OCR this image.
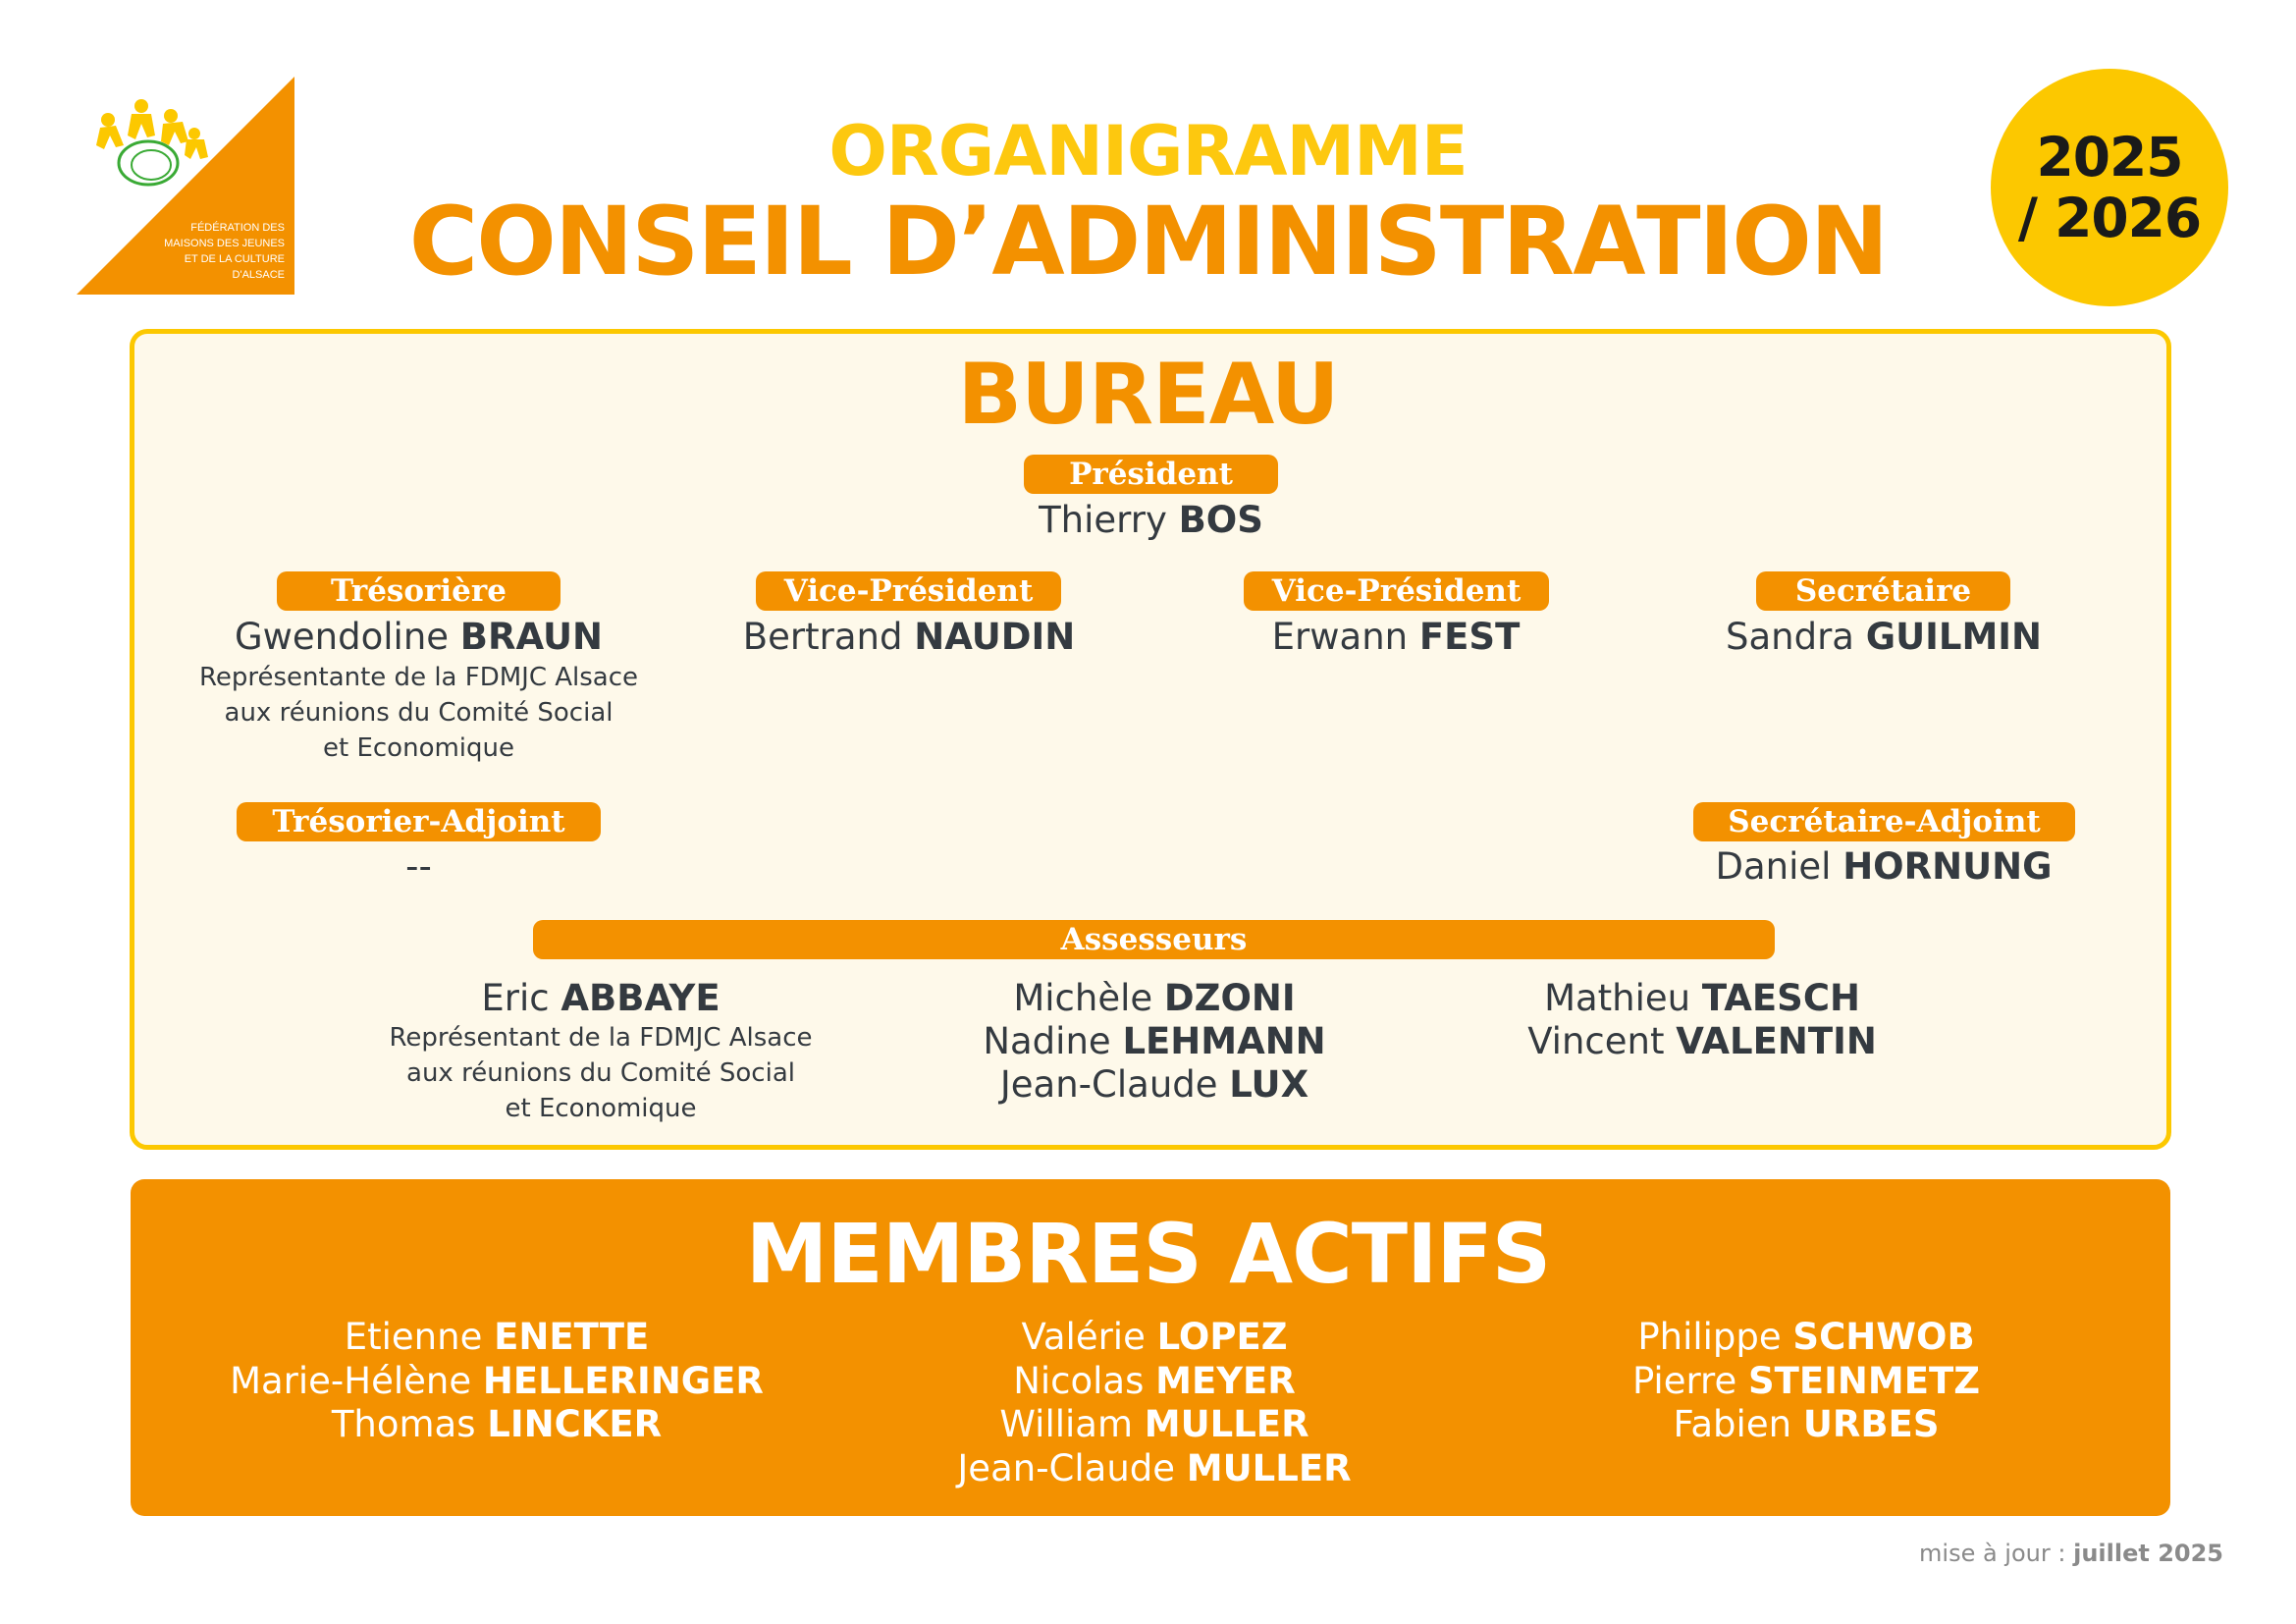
FÉDÉRATION DES
MAISONS DES JEUNES
ET DE LA CULTURE
D'ALSACE
ORGANIGRAMME
CONSEIL D’ADMINISTRATION
2025
/ 2026
BUREAU
Président
Thierry BOS
Trésorière
Gwendoline BRAUN
Représentante de la FDMJC Alsace
aux réunions du Comité Social
et Economique
Vice-Président
Bertrand NAUDIN
Vice-Président
Erwann FEST
Secrétaire
Sandra GUILMIN
Trésorier-Adjoint
--
Secrétaire-Adjoint
Daniel HORNUNG
Assesseurs
Eric ABBAYE
Représentant de la FDMJC Alsace
aux réunions du Comité Social
et Economique
Michèle DZONI
Nadine LEHMANN
Jean-Claude LUX
Mathieu TAESCH
Vincent VALENTIN
MEMBRES ACTIFS
Etienne ENETTE
Marie-Hélène HELLERINGER
Thomas LINCKER
Valérie LOPEZ
Nicolas MEYER
William MULLER
Jean-Claude MULLER
Philippe SCHWOB
Pierre STEINMETZ
Fabien URBES
mise à jour : juillet 2025
